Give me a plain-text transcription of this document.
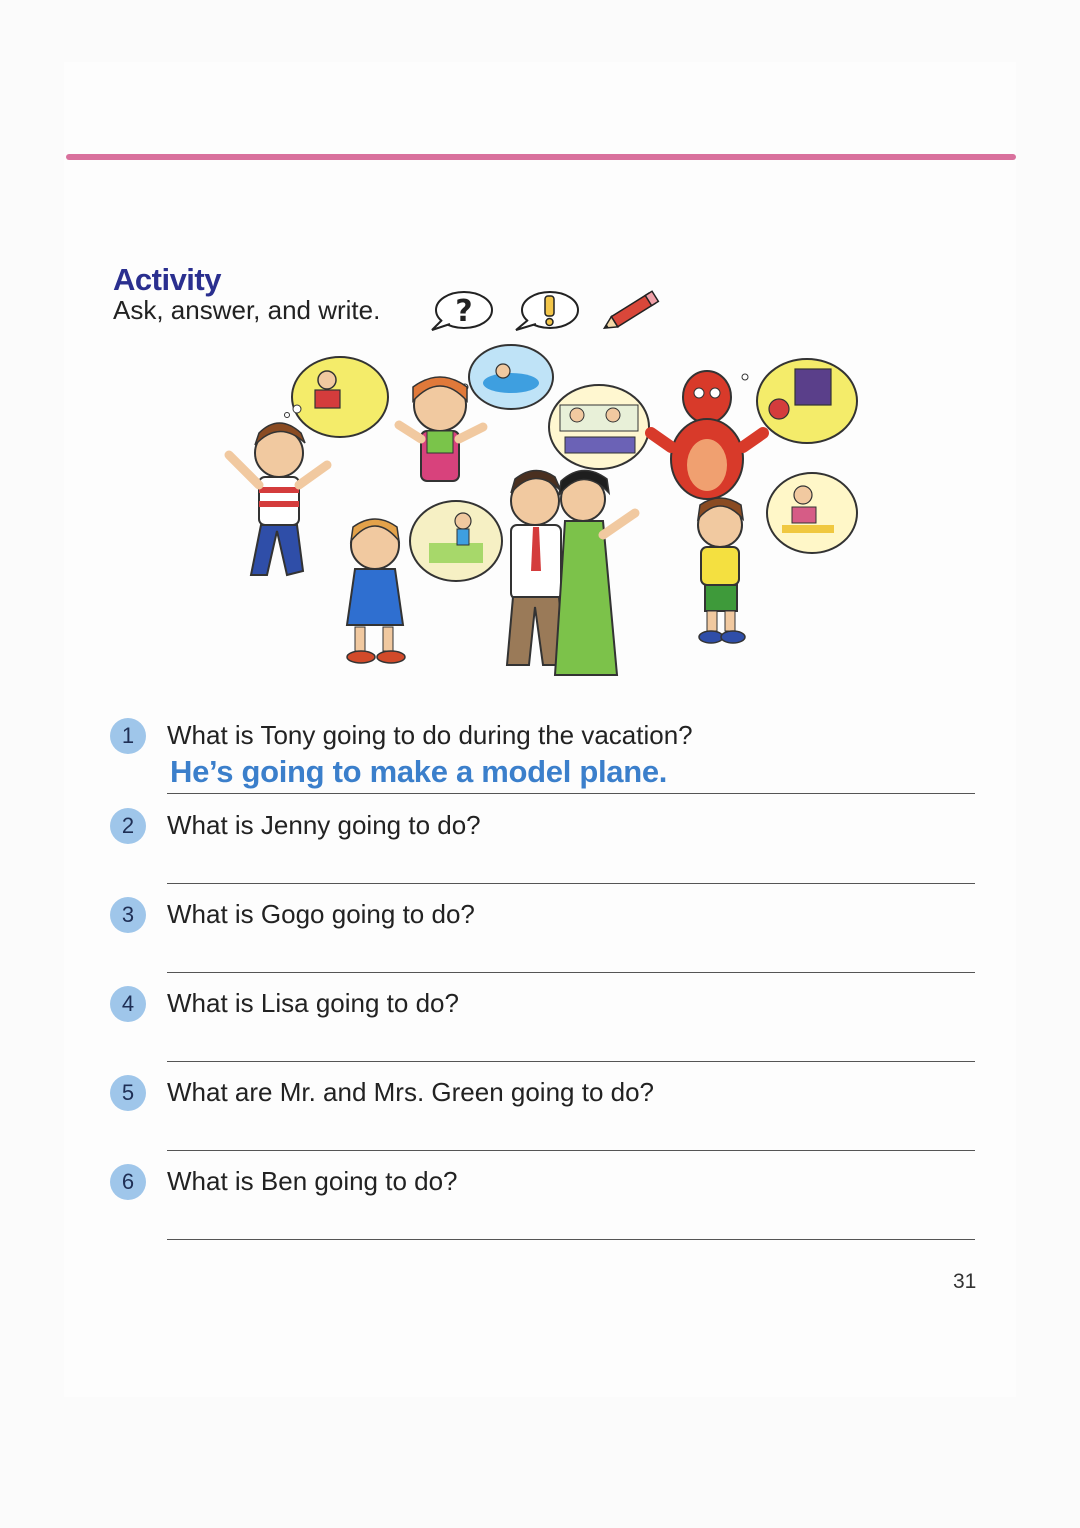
Activity
Ask, answer, and write. ?
1	What is Tony going to do during the vacation?
He’s going to make a model plane.
2	What is Jenny going to do?
3	What is Gogo going to do?
4	What is Lisa going to do?
5	What are Mr. and Mrs. Green going to do?
6	What is Ben going to do?
31
